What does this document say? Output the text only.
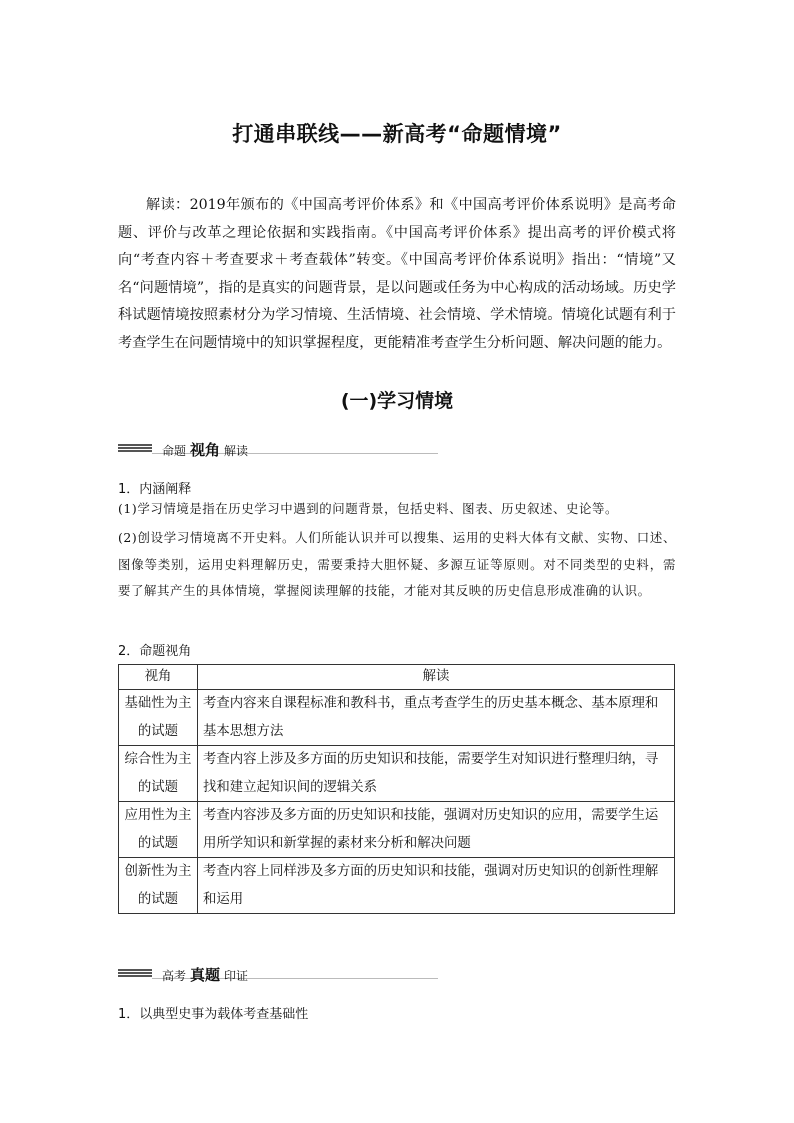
打通串联线——新高考“命题情境”
解读：2019年颁布的《中国高考评价体系》和《中国高考评价体系说明》是高考命题、评价与改革之理论依据和实践指南。《中国高考评价体系》提出高考的评价模式将向“考查内容＋考查要求＋考查载体”转变。《中国高考评价体系说明》指出：“情境”又名“问题情境”，指的是真实的问题背景，是以问题或任务为中心构成的活动场域。历史学科试题情境按照素材分为学习情境、生活情境、社会情境、学术情境。情境化试题有利于考查学生在问题情境中的知识掌握程度，更能精准考查学生分析问题、解决问题的能力。
(一)学习情境
命题 视角 解读
1．内涵阐释
(1)学习情境是指在历史学习中遇到的问题背景，包括史料、图表、历史叙述、史论等。
(2)创设学习情境离不开史料。人们所能认识并可以搜集、运用的史料大体有文献、实物、口述、图像等类别，运用史料理解历史，需要秉持大胆怀疑、多源互证等原则。对不同类型的史料，需要了解其产生的具体情境，掌握阅读理解的技能，才能对其反映的历史信息形成准确的认识。
2．命题视角
视角	解读
基础性为主的试题	考查内容来自课程标准和教科书，重点考查学生的历史基本概念、基本原理和基本思想方法
综合性为主的试题	考查内容上涉及多方面的历史知识和技能，需要学生对知识进行整理归纳，寻找和建立起知识间的逻辑关系
应用性为主的试题	考查内容涉及多方面的历史知识和技能，强调对历史知识的应用，需要学生运用所学知识和新掌握的素材来分析和解决问题
创新性为主的试题	考查内容上同样涉及多方面的历史知识和技能，强调对历史知识的创新性理解和运用
高考 真题 印证
1．以典型史事为载体考查基础性
